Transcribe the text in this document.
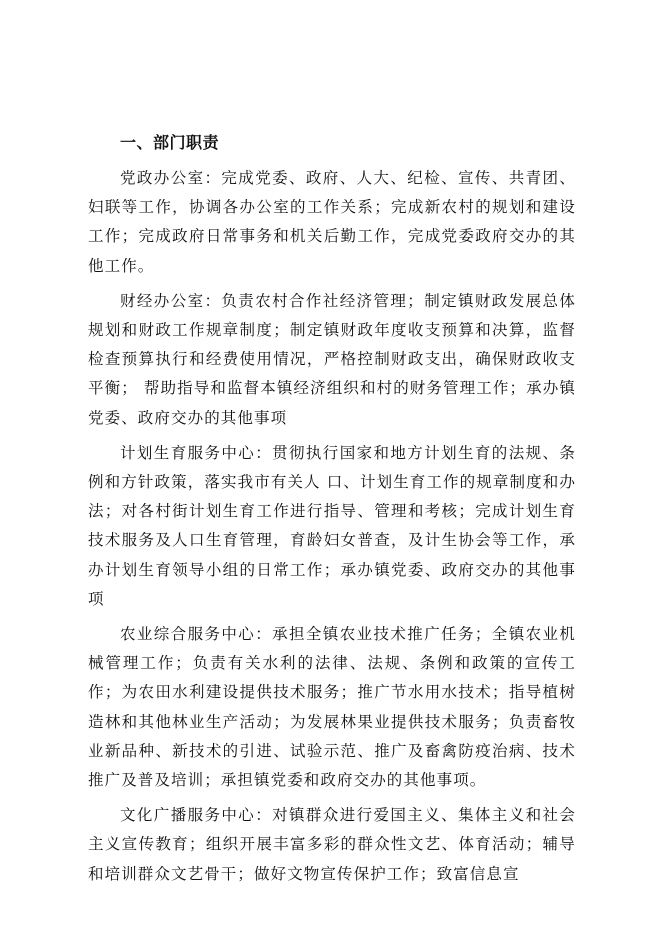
一、部门职责

党政办公室：完成党委、政府、人大、纪检、宣传、共青团、妇联等工作，协调各办公室的工作关系；完成新农村的规划和建设工作；完成政府日常事务和机关后勤工作，完成党委政府交办的其他工作。

财经办公室：负责农村合作社经济管理；制定镇财政发展总体规划和财政工作规章制度；制定镇财政年度收支预算和决算，监督检查预算执行和经费使用情况，严格控制财政支出，确保财政收支平衡； 帮助指导和监督本镇经济组织和村的财务管理工作；承办镇党委、政府交办的其他事项

计划生育服务中心：贯彻执行国家和地方计划生育的法规、条例和方针政策，落实我市有关人 口、计划生育工作的规章制度和办法；对各村街计划生育工作进行指导、管理和考核；完成计划生育技术服务及人口生育管理，育龄妇女普查，及计生协会等工作，承办计划生育领导小组的日常工作；承办镇党委、政府交办的其他事项

农业综合服务中心：承担全镇农业技术推广任务；全镇农业机械管理工作；负责有关水利的法律、法规、条例和政策的宣传工作；为农田水利建设提供技术服务；推广节水用水技术；指导植树造林和其他林业生产活动；为发展林果业提供技术服务；负责畜牧业新品种、新技术的引进、试验示范、推广及畜禽防疫治病、技术推广及普及培训；承担镇党委和政府交办的其他事项。

文化广播服务中心：对镇群众进行爱国主义、集体主义和社会主义宣传教育；组织开展丰富多彩的群众性文艺、体育活动；辅导和培训群众文艺骨干；做好文物宣传保护工作；致富信息宣
